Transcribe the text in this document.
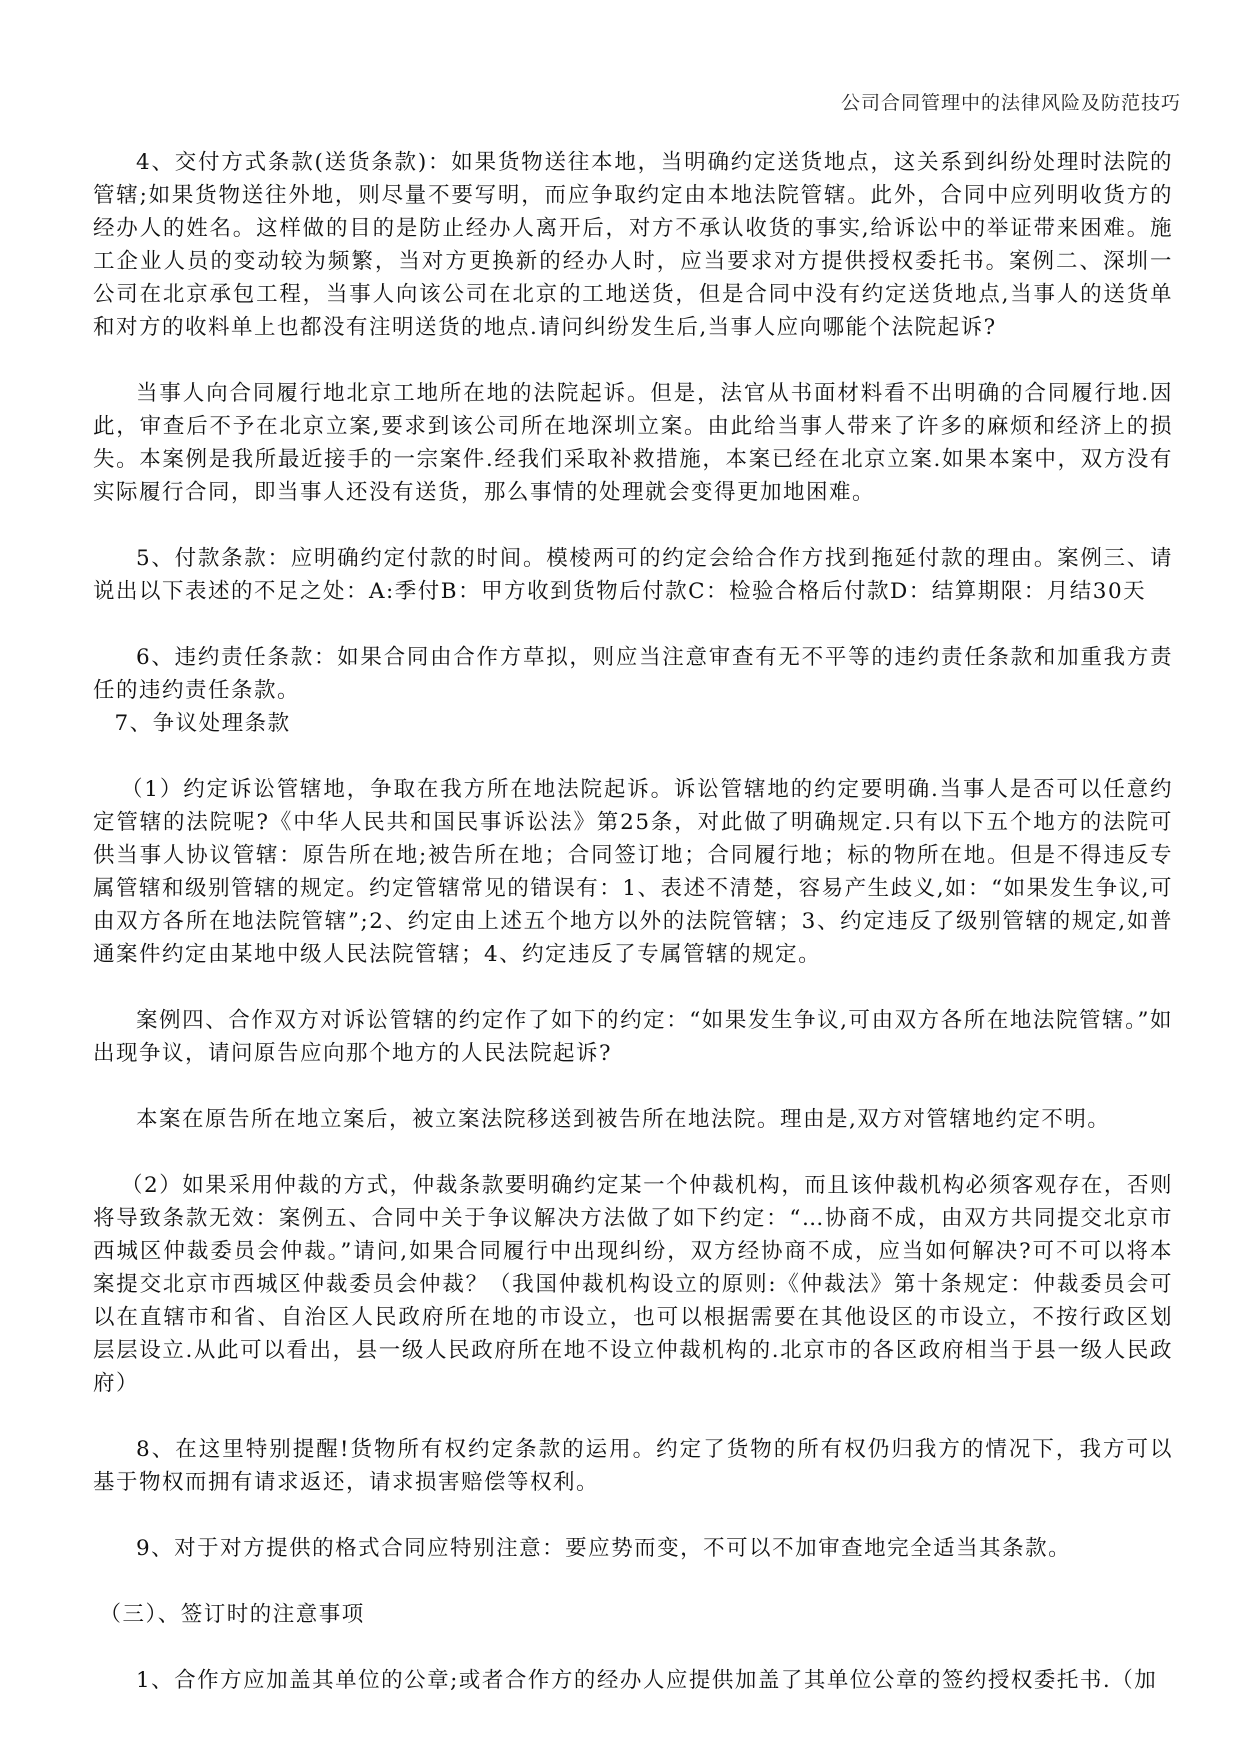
公司合同管理中的法律风险及防范技巧

4、交付方式条款(送货条款)：如果货物送往本地，当明确约定送货地点，这关系到纠纷处理时法院的管辖;如果货物送往外地，则尽量不要写明，而应争取约定由本地法院管辖。此外，合同中应列明收货方的经办人的姓名。这样做的目的是防止经办人离开后，对方不承认收货的事实,给诉讼中的举证带来困难。施工企业人员的变动较为频繁，当对方更换新的经办人时，应当要求对方提供授权委托书。案例二、深圳一公司在北京承包工程，当事人向该公司在北京的工地送货，但是合同中没有约定送货地点,当事人的送货单和对方的收料单上也都没有注明送货的地点.请问纠纷发生后,当事人应向哪能个法院起诉?

当事人向合同履行地北京工地所在地的法院起诉。但是，法官从书面材料看不出明确的合同履行地.因此，审查后不予在北京立案,要求到该公司所在地深圳立案。由此给当事人带来了许多的麻烦和经济上的损失。本案例是我所最近接手的一宗案件.经我们采取补救措施，本案已经在北京立案.如果本案中，双方没有实际履行合同，即当事人还没有送货，那么事情的处理就会变得更加地困难。

5、付款条款：应明确约定付款的时间。模棱两可的约定会给合作方找到拖延付款的理由。案例三、请说出以下表述的不足之处：A:季付B：甲方收到货物后付款C：检验合格后付款D：结算期限：月结30天

6、违约责任条款：如果合同由合作方草拟，则应当注意审查有无不平等的违约责任条款和加重我方责任的违约责任条款。

7、争议处理条款

（1）约定诉讼管辖地，争取在我方所在地法院起诉。诉讼管辖地的约定要明确.当事人是否可以任意约定管辖的法院呢?《中华人民共和国民事诉讼法》第25条，对此做了明确规定.只有以下五个地方的法院可供当事人协议管辖：原告所在地;被告所在地；合同签订地；合同履行地；标的物所在地。但是不得违反专属管辖和级别管辖的规定。约定管辖常见的错误有：1、表述不清楚，容易产生歧义,如：“如果发生争议,可由双方各所在地法院管辖”;2、约定由上述五个地方以外的法院管辖；3、约定违反了级别管辖的规定,如普通案件约定由某地中级人民法院管辖；4、约定违反了专属管辖的规定。

案例四、合作双方对诉讼管辖的约定作了如下的约定：“如果发生争议,可由双方各所在地法院管辖。”如出现争议，请问原告应向那个地方的人民法院起诉?

本案在原告所在地立案后，被立案法院移送到被告所在地法院。理由是,双方对管辖地约定不明。

（2）如果采用仲裁的方式，仲裁条款要明确约定某一个仲裁机构，而且该仲裁机构必须客观存在，否则将导致条款无效：案例五、合同中关于争议解决方法做了如下约定：“…协商不成，由双方共同提交北京市西城区仲裁委员会仲裁。”请问,如果合同履行中出现纠纷，双方经协商不成，应当如何解决?可不可以将本案提交北京市西城区仲裁委员会仲裁？（我国仲裁机构设立的原则:《仲裁法》第十条规定：仲裁委员会可以在直辖市和省、自治区人民政府所在地的市设立，也可以根据需要在其他设区的市设立，不按行政区划层层设立.从此可以看出，县一级人民政府所在地不设立仲裁机构的.北京市的各区政府相当于县一级人民政府）

8、在这里特别提醒!货物所有权约定条款的运用。约定了货物的所有权仍归我方的情况下，我方可以基于物权而拥有请求返还，请求损害赔偿等权利。

9、对于对方提供的格式合同应特别注意：要应势而变，不可以不加审查地完全适当其条款。

（三）、签订时的注意事项

1、合作方应加盖其单位的公章;或者合作方的经办人应提供加盖了其单位公章的签约授权委托书.（加
